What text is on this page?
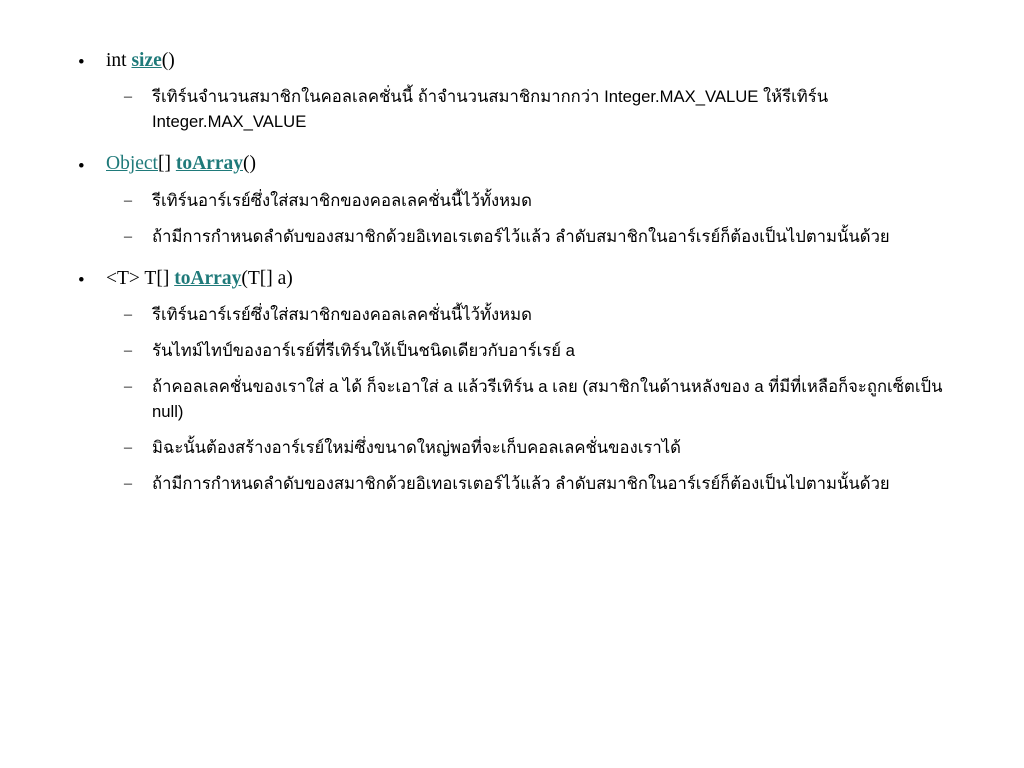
• int size()
– รีเทิร์นจำนวนสมาชิกในคอลเลคชั่นนี้ ถ้าจำนวนสมาชิกมากกว่า Integer.MAX_VALUE ให้รีเทิร์น Integer.MAX_VALUE
• Object[] toArray()
– รีเทิร์นอาร์เรย์ซึ่งใส่สมาชิกของคอลเลคชั่นนี้ไว้ทั้งหมด
– ถ้ามีการกำหนดลำดับของสมาชิกด้วยอิเทอเรเตอร์ไว้แล้ว ลำดับสมาชิกในอาร์เรย์ก็ต้องเป็นไปตามนั้นด้วย
• <T> T[] toArray(T[] a)
– รีเทิร์นอาร์เรย์ซึ่งใส่สมาชิกของคอลเลคชั่นนี้ไว้ทั้งหมด
– รันไทม์ไทป์ของอาร์เรย์ที่รีเทิร์นให้เป็นชนิดเดียวกับอาร์เรย์ a
– ถ้าคอลเลคชั่นของเราใส่ a ได้ ก็จะเอาใส่ a แล้วรีเทิร์น a เลย (สมาชิกในด้านหลังของ a ที่มีที่เหลือก็จะถูกเซ็ตเป็น null)
– มิฉะนั้นต้องสร้างอาร์เรย์ใหม่ซึ่งขนาดใหญ่พอที่จะเก็บคอลเลคชั่นของเราได้
– ถ้ามีการกำหนดลำดับของสมาชิกด้วยอิเทอเรเตอร์ไว้แล้ว ลำดับสมาชิกในอาร์เรย์ก็ต้องเป็นไปตามนั้นด้วย
